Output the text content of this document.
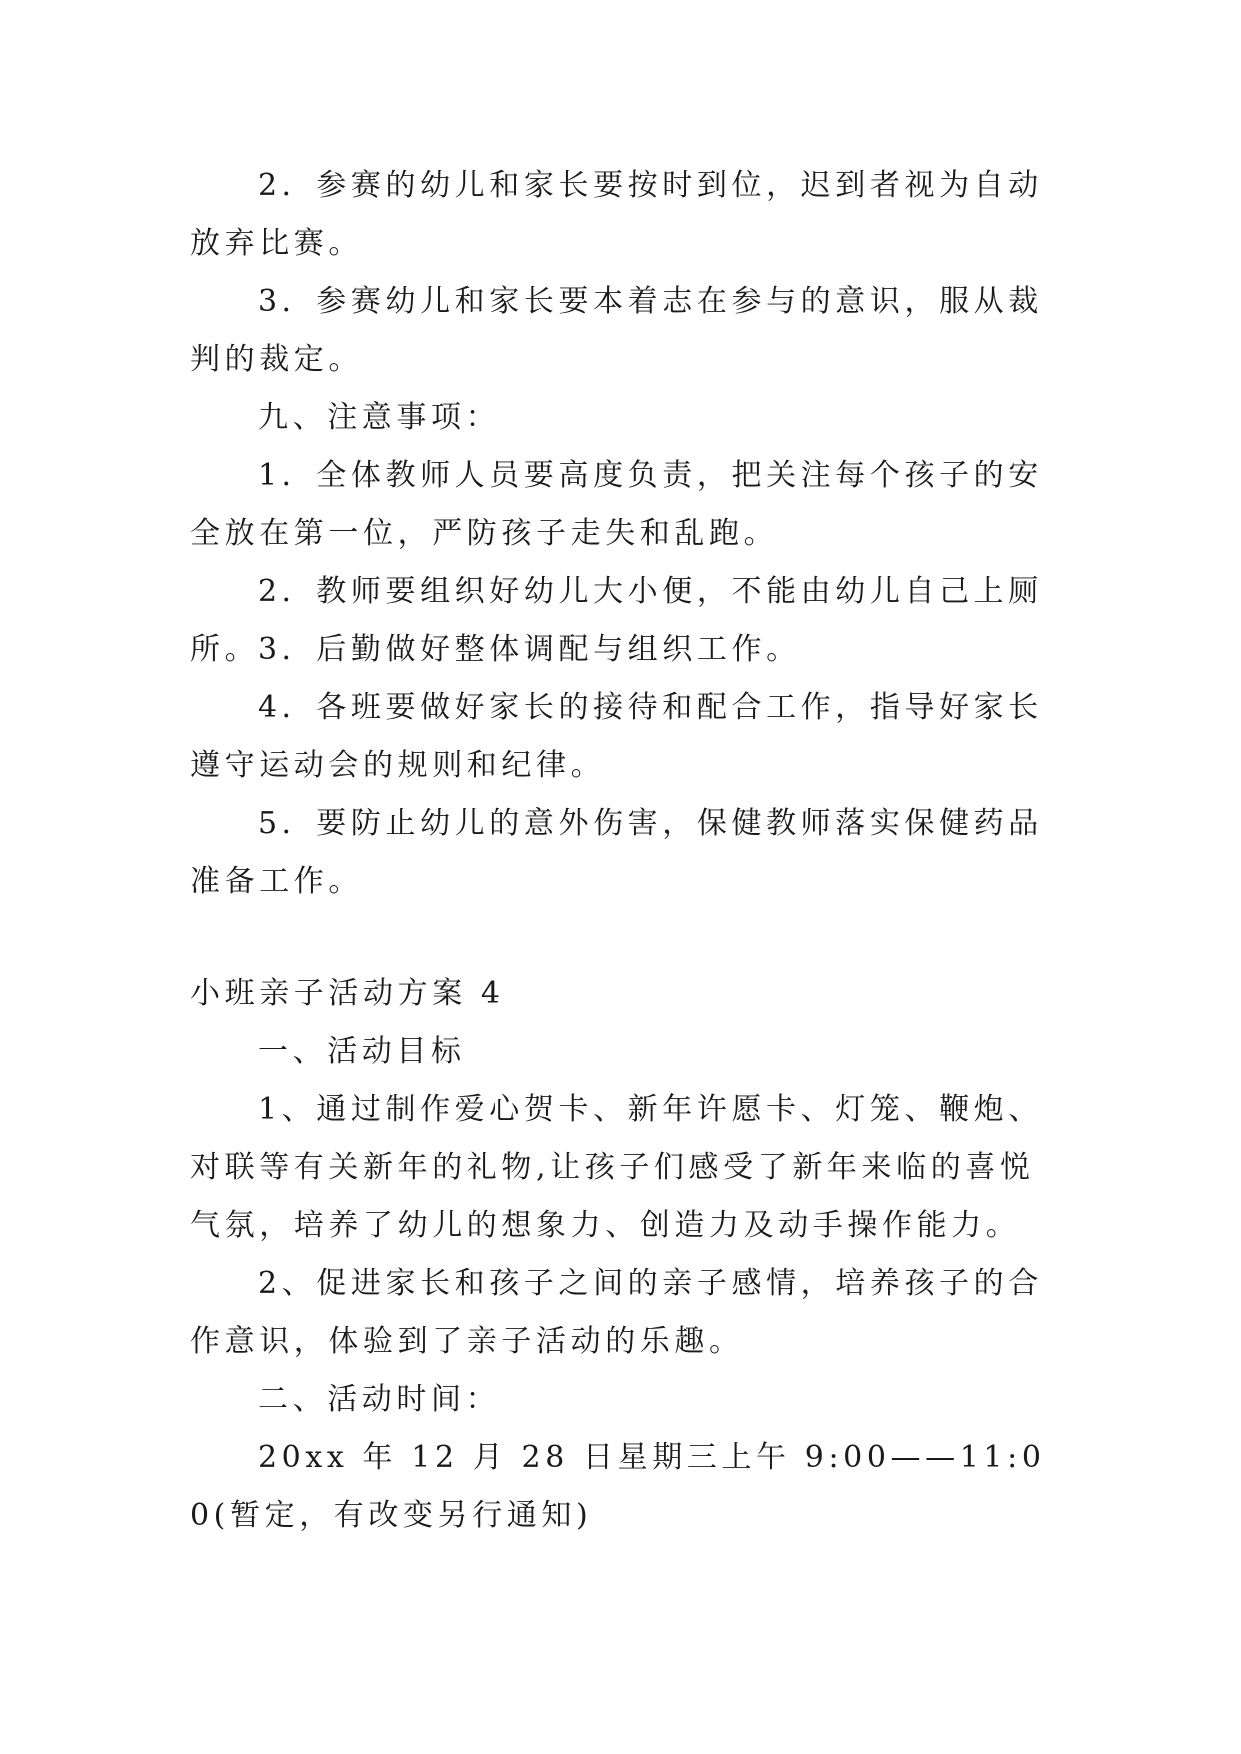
2．参赛的幼儿和家长要按时到位，迟到者视为自动放弃比赛。

3．参赛幼儿和家长要本着志在参与的意识，服从裁判的裁定。

九、注意事项：

1．全体教师人员要高度负责，把关注每个孩子的安全放在第一位，严防孩子走失和乱跑。

2．教师要组织好幼儿大小便，不能由幼儿自己上厕所。

3．后勤做好整体调配与组织工作。

4．各班要做好家长的接待和配合工作，指导好家长遵守运动会的规则和纪律。

5．要防止幼儿的意外伤害，保健教师落实保健药品准备工作。

小班亲子活动方案 4

一、活动目标

1、通过制作爱心贺卡、新年许愿卡、灯笼、鞭炮、对联等有关新年的礼物,让孩子们感受了新年来临的喜悦气氛，培养了幼儿的想象力、创造力及动手操作能力。

2、促进家长和孩子之间的亲子感情，培养孩子的合作意识，体验到了亲子活动的乐趣。

二、活动时间：

20xx 年 12 月 28 日星期三上午 9:00——11:00(暂定，有改变另行通知)
